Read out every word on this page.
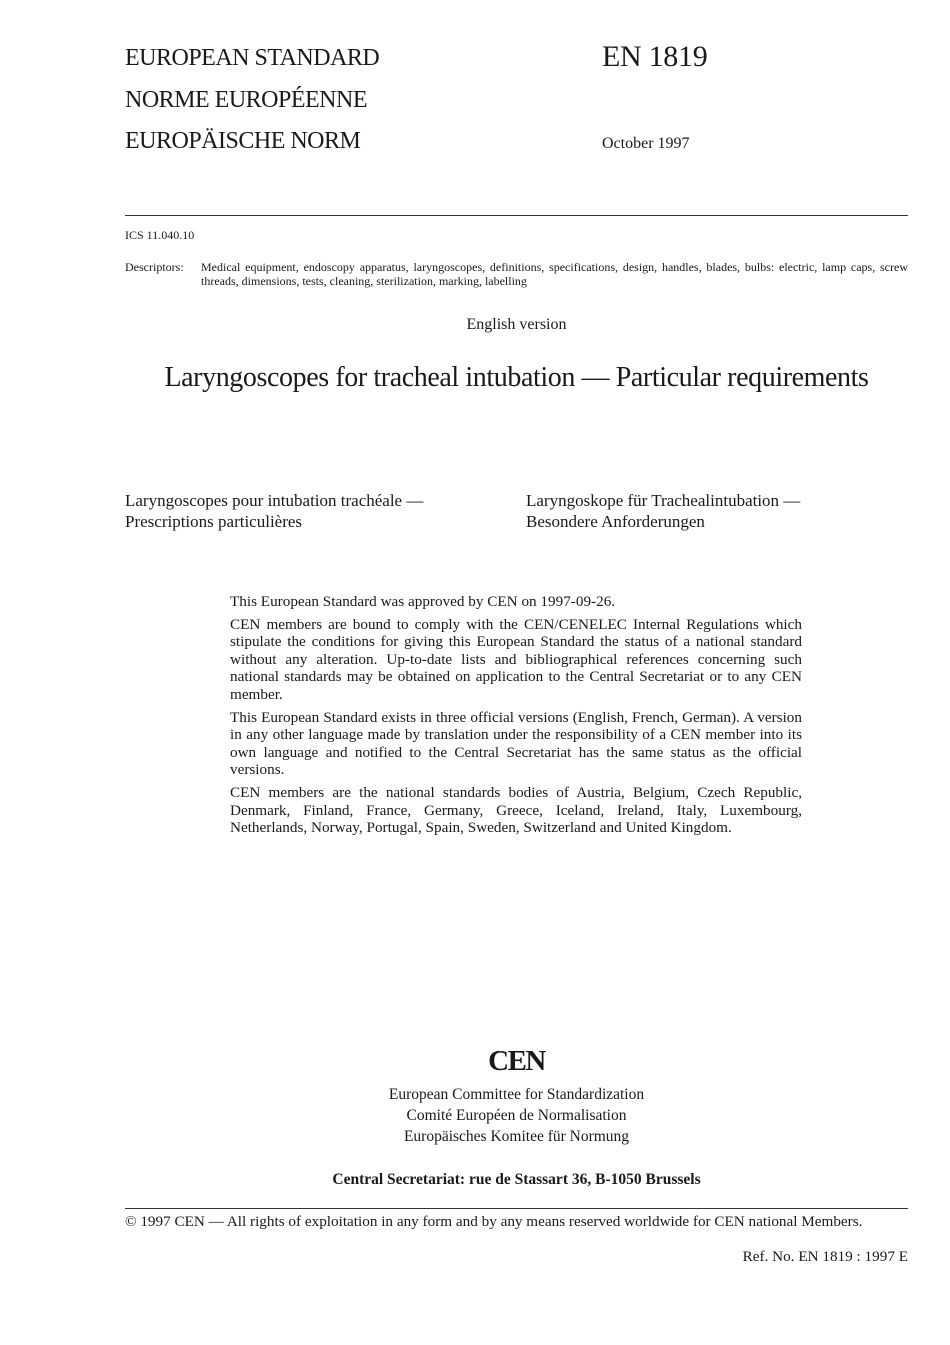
EUROPEAN STANDARD
NORME EUROPÉENNE
EUROPÄISCHE NORM
EN 1819
October 1997
ICS 11.040.10
Descriptors: Medical equipment, endoscopy apparatus, laryngoscopes, definitions, specifications, design, handles, blades, bulbs: electric, lamp caps, screw threads, dimensions, tests, cleaning, sterilization, marking, labelling
English version
Laryngoscopes for tracheal intubation — Particular requirements
Laryngoscopes pour intubation trachéale —
Prescriptions particulières
Laryngoskope für Trachealintubation —
Besondere Anforderungen

This European Standard was approved by CEN on 1997-09-26.

CEN members are bound to comply with the CEN/CENELEC Internal Regulations which stipulate the conditions for giving this European Standard the status of a national standard without any alteration. Up-to-date lists and bibliographical references concerning such national standards may be obtained on application to the Central Secretariat or to any CEN member.

This European Standard exists in three official versions (English, French, German). A version in any other language made by translation under the responsibility of a CEN member into its own language and notified to the Central Secretariat has the same status as the official versions.

CEN members are the national standards bodies of Austria, Belgium, Czech Republic, Denmark, Finland, France, Germany, Greece, Iceland, Ireland, Italy, Luxembourg, Netherlands, Norway, Portugal, Spain, Sweden, Switzerland and United Kingdom.

CEN
European Committee for Standardization
Comité Européen de Normalisation
Europäisches Komitee für Normung
Central Secretariat: rue de Stassart 36, B-1050 Brussels
© 1997 CEN — All rights of exploitation in any form and by any means reserved worldwide for CEN national Members.
Ref. No. EN 1819 : 1997 E
